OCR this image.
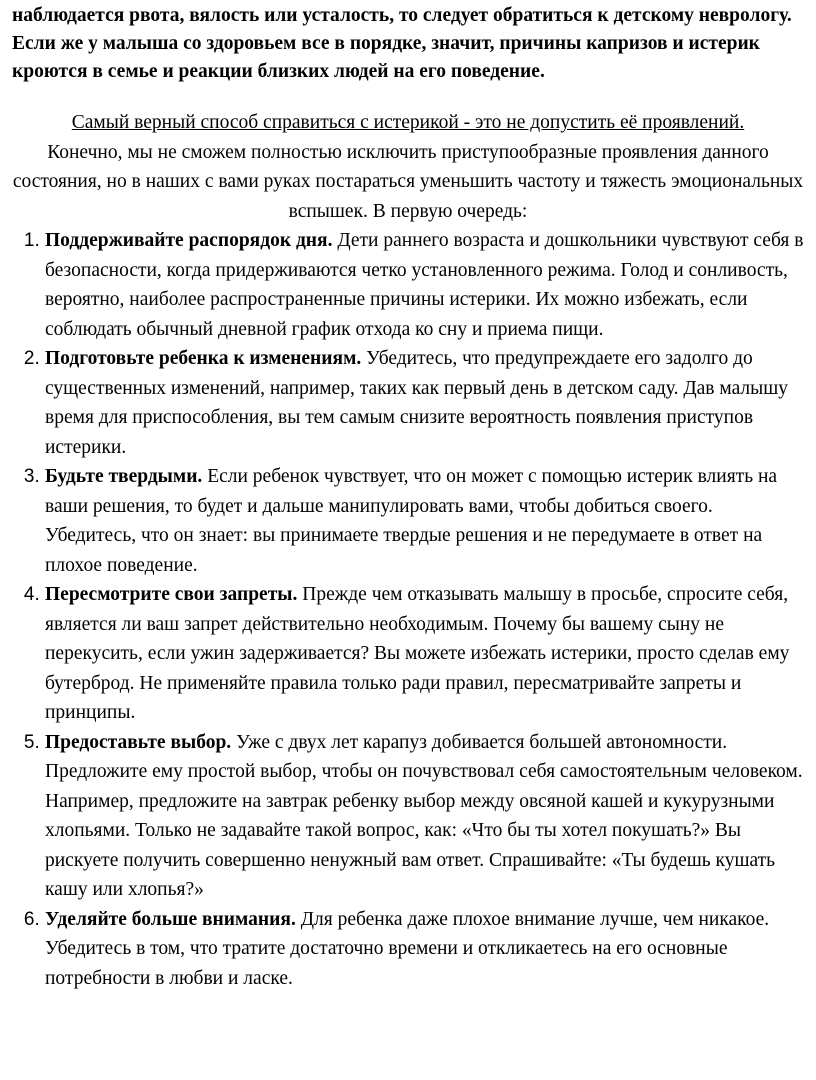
наблюдается рвота, вялость или усталость, то следует обратиться к детскому неврологу.

Если же у малыша со здоровьем все в порядке, значит, причины капризов и истерик кроются в семье и реакции близких людей на его поведение.

Самый верный способ справиться с истерикой - это не допустить её проявлений.
Конечно, мы не сможем полностью исключить приступообразные проявления данного состояния, но в наших с вами руках постараться уменьшить частоту и тяжесть эмоциональных вспышек. В первую очередь:

1. Поддерживайте распорядок дня. Дети раннего возраста и дошкольники чувствуют себя в безопасности, когда придерживаются четко установленного режима. Голод и сонливость, вероятно, наиболее распространенные причины истерики. Их можно избежать, если соблюдать обычный дневной график отхода ко сну и приема пищи.
2. Подготовьте ребенка к изменениям. Убедитесь, что предупреждаете его задолго до существенных изменений, например, таких как первый день в детском саду. Дав малышу время для приспособления, вы тем самым снизите вероятность появления приступов истерики.
3. Будьте твердыми. Если ребенок чувствует, что он может с помощью истерик влиять на ваши решения, то будет и дальше манипулировать вами, чтобы добиться своего. Убедитесь, что он знает: вы принимаете твердые решения и не передумаете в ответ на плохое поведение.
4. Пересмотрите свои запреты. Прежде чем отказывать малышу в просьбе, спросите себя, является ли ваш запрет действительно необходимым. Почему бы вашему сыну не перекусить, если ужин задерживается? Вы можете избежать истерики, просто сделав ему бутерброд. Не применяйте правила только ради правил, пересматривайте запреты и принципы.
5. Предоставьте выбор. Уже с двух лет карапуз добивается большей автономности. Предложите ему простой выбор, чтобы он почувствовал себя самостоятельным человеком. Например, предложите на завтрак ребенку выбор между овсяной кашей и кукурузными хлопьями. Только не задавайте такой вопрос, как: «Что бы ты хотел покушать?» Вы рискуете получить совершенно ненужный вам ответ. Спрашивайте: «Ты будешь кушать кашу или хлопья?»
6. Уделяйте больше внимания. Для ребенка даже плохое внимание лучше, чем никакое. Убедитесь в том, что тратите достаточно времени и откликаетесь на его основные потребности в любви и ласке.
